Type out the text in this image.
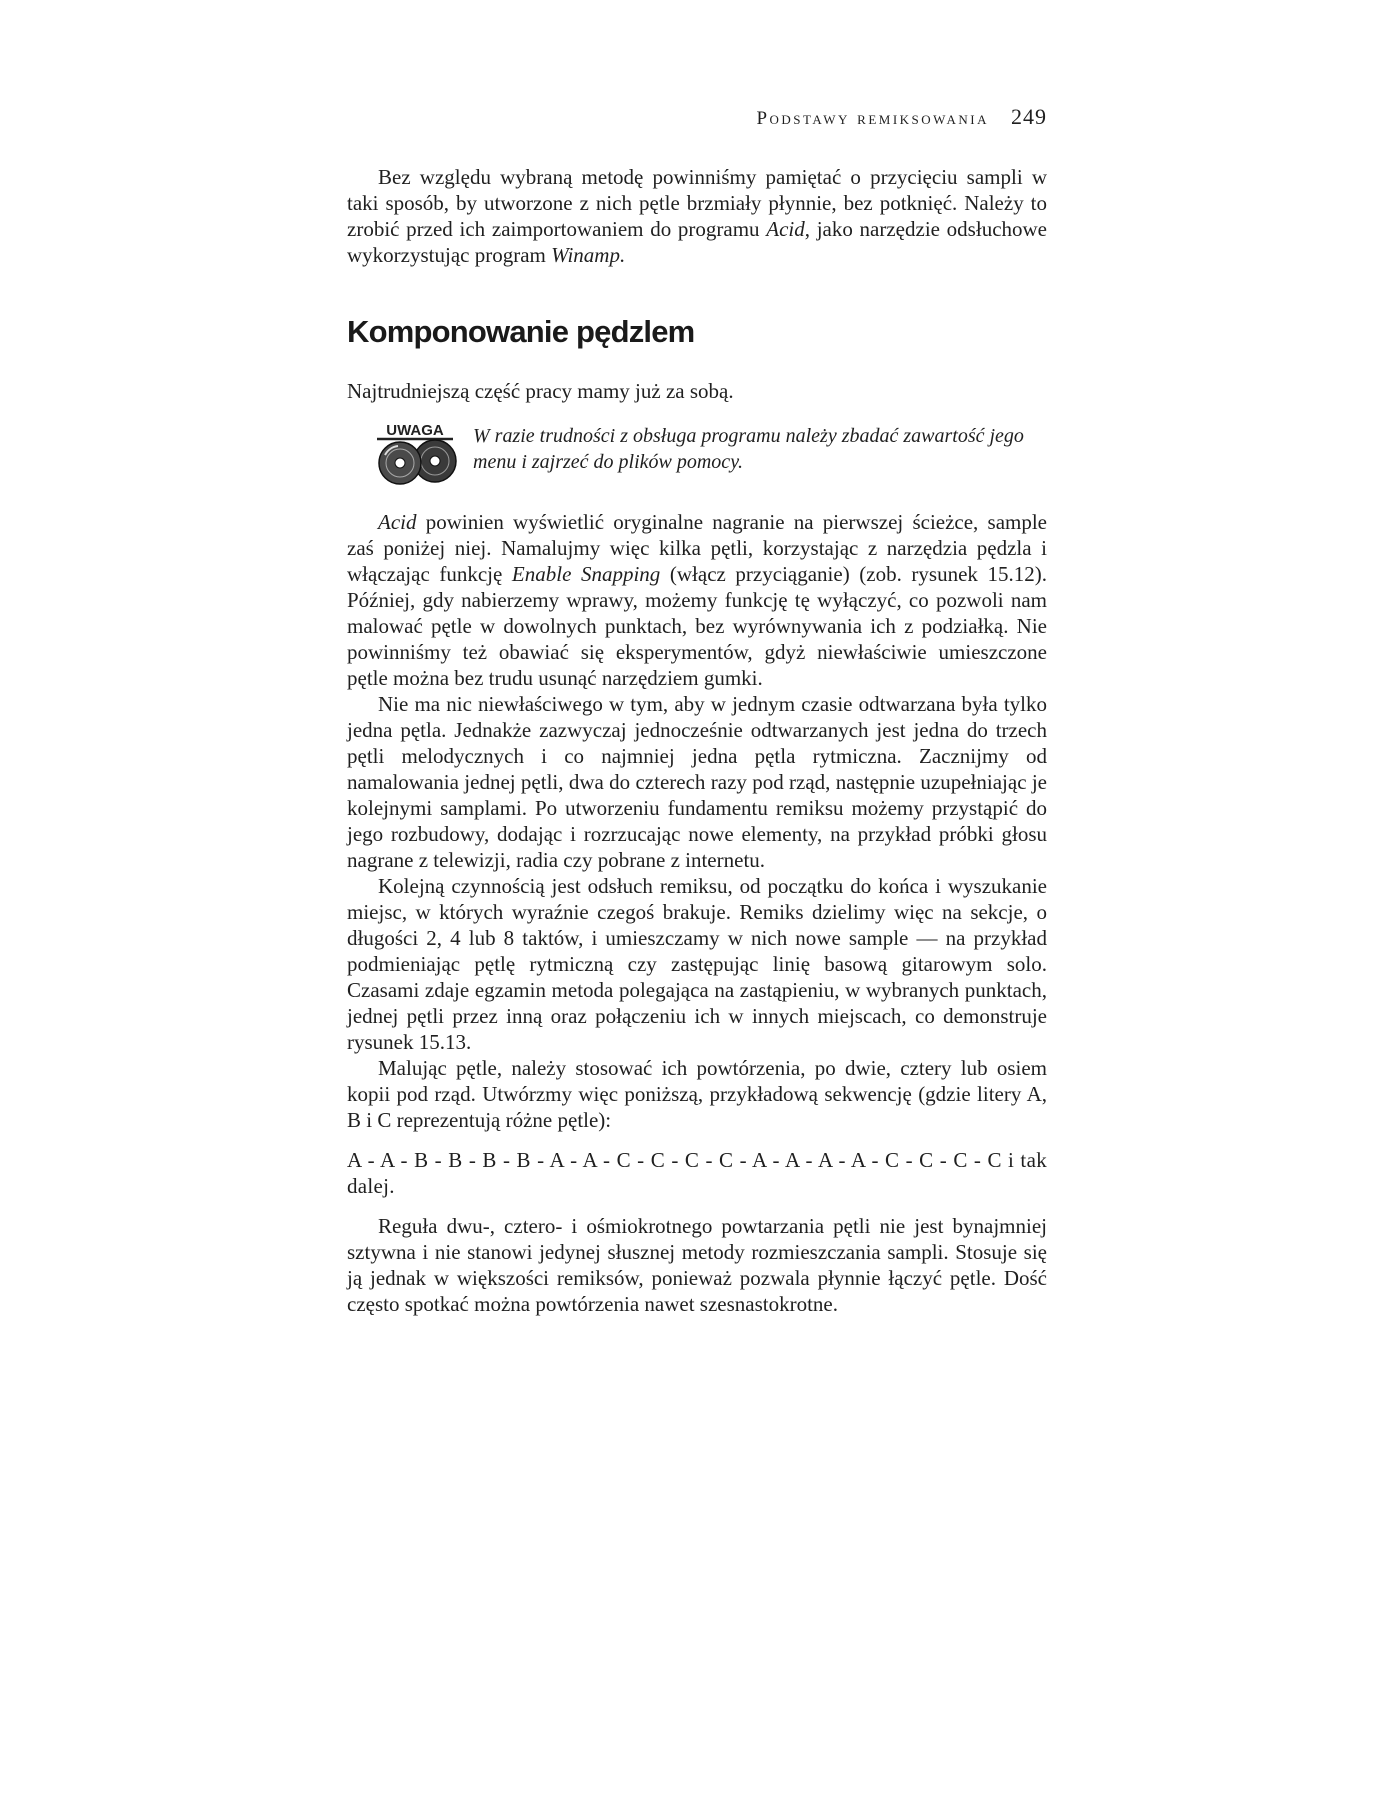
Podstawy remiksowania 249

Bez względu wybraną metodę powinniśmy pamiętać o przycięciu sampli w taki sposób, by utworzone z nich pętle brzmiały płynnie, bez potknięć. Należy to zrobić przed ich zaimportowaniem do programu Acid, jako narzędzie odsłuchowe wykorzystując program Winamp.

Komponowanie pędzlem

Najtrudniejszą część pracy mamy już za sobą.

UWAGA W razie trudności z obsługa programu należy zbadać zawartość jego menu i zajrzeć do plików pomocy.

Acid powinien wyświetlić oryginalne nagranie na pierwszej ścieżce, sample zaś poniżej niej. Namalujmy więc kilka pętli, korzystając z narzędzia pędzla i włączając funkcję Enable Snapping (włącz przyciąganie) (zob. rysunek 15.12). Później, gdy nabierzemy wprawy, możemy funkcję tę wyłączyć, co pozwoli nam malować pętle w dowolnych punktach, bez wyrównywania ich z podziałką. Nie powinniśmy też obawiać się eksperymentów, gdyż niewłaściwie umieszczone pętle można bez trudu usunąć narzędziem gumki.

Nie ma nic niewłaściwego w tym, aby w jednym czasie odtwarzana była tylko jedna pętla. Jednakże zazwyczaj jednocześnie odtwarzanych jest jedna do trzech pętli melodycznych i co najmniej jedna pętla rytmiczna. Zacznijmy od namalowania jednej pętli, dwa do czterech razy pod rząd, następnie uzupełniając je kolejnymi samplami. Po utworzeniu fundamentu remiksu możemy przystąpić do jego rozbudowy, dodając i rozrzucając nowe elementy, na przykład próbki głosu nagrane z telewizji, radia czy pobrane z internetu.

Kolejną czynnością jest odsłuch remiksu, od początku do końca i wyszukanie miejsc, w których wyraźnie czegoś brakuje. Remiks dzielimy więc na sekcje, o długości 2, 4 lub 8 taktów, i umieszczamy w nich nowe sample — na przykład podmieniając pętlę rytmiczną czy zastępując linię basową gitarowym solo. Czasami zdaje egzamin metoda polegająca na zastąpieniu, w wybranych punktach, jednej pętli przez inną oraz połączeniu ich w innych miejscach, co demonstruje rysunek 15.13.

Malując pętle, należy stosować ich powtórzenia, po dwie, cztery lub osiem kopii pod rząd. Utwórzmy więc poniższą, przykładową sekwencję (gdzie litery A, B i C reprezentują różne pętle):

A - A - B - B - B - B - A - A - C - C - C - C - A - A - A - A - C - C - C - C i tak dalej.

Reguła dwu-, cztero- i ośmiokrotnego powtarzania pętli nie jest bynajmniej sztywna i nie stanowi jedynej słusznej metody rozmieszczania sampli. Stosuje się ją jednak w większości remiksów, ponieważ pozwala płynnie łączyć pętle. Dość często spotkać można powtórzenia nawet szesnastokrotne.
